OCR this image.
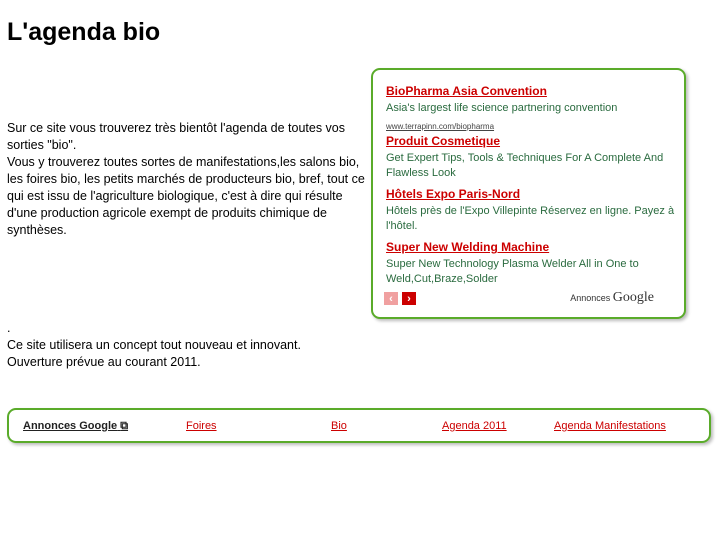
L'agenda bio
Sur ce site vous trouverez très bientôt l'agenda de toutes vos sorties "bio".
Vous y trouverez toutes sortes de manifestations,les salons bio, les foires bio, les petits marchés de producteurs bio, bref, tout ce qui est issu de l'agriculture biologique, c'est à dire qui résulte d'une production agricole exempt de produits chimique de synthèses.
.
Ce site utilisera un concept tout nouveau et innovant.
Ouverture prévue au courant 2011.
BioPharma Asia Convention
Asia's largest life science partnering convention
www.terrapinn.com/biopharma
Produit Cosmetique
Get Expert Tips, Tools & Techniques For A Complete And Flawless Look
Hôtels Expo Paris-Nord
Hôtels près de l'Expo Villepinte Réservez en ligne. Payez à l'hôtel.
Super New Welding Machine
Super New Technology Plasma Welder All in One to Weld,Cut,Braze,Solder
‹	›	Annonces Google
Annonces Google ⧉	Foires	Bio	Agenda 2011	Agenda Manifestations
